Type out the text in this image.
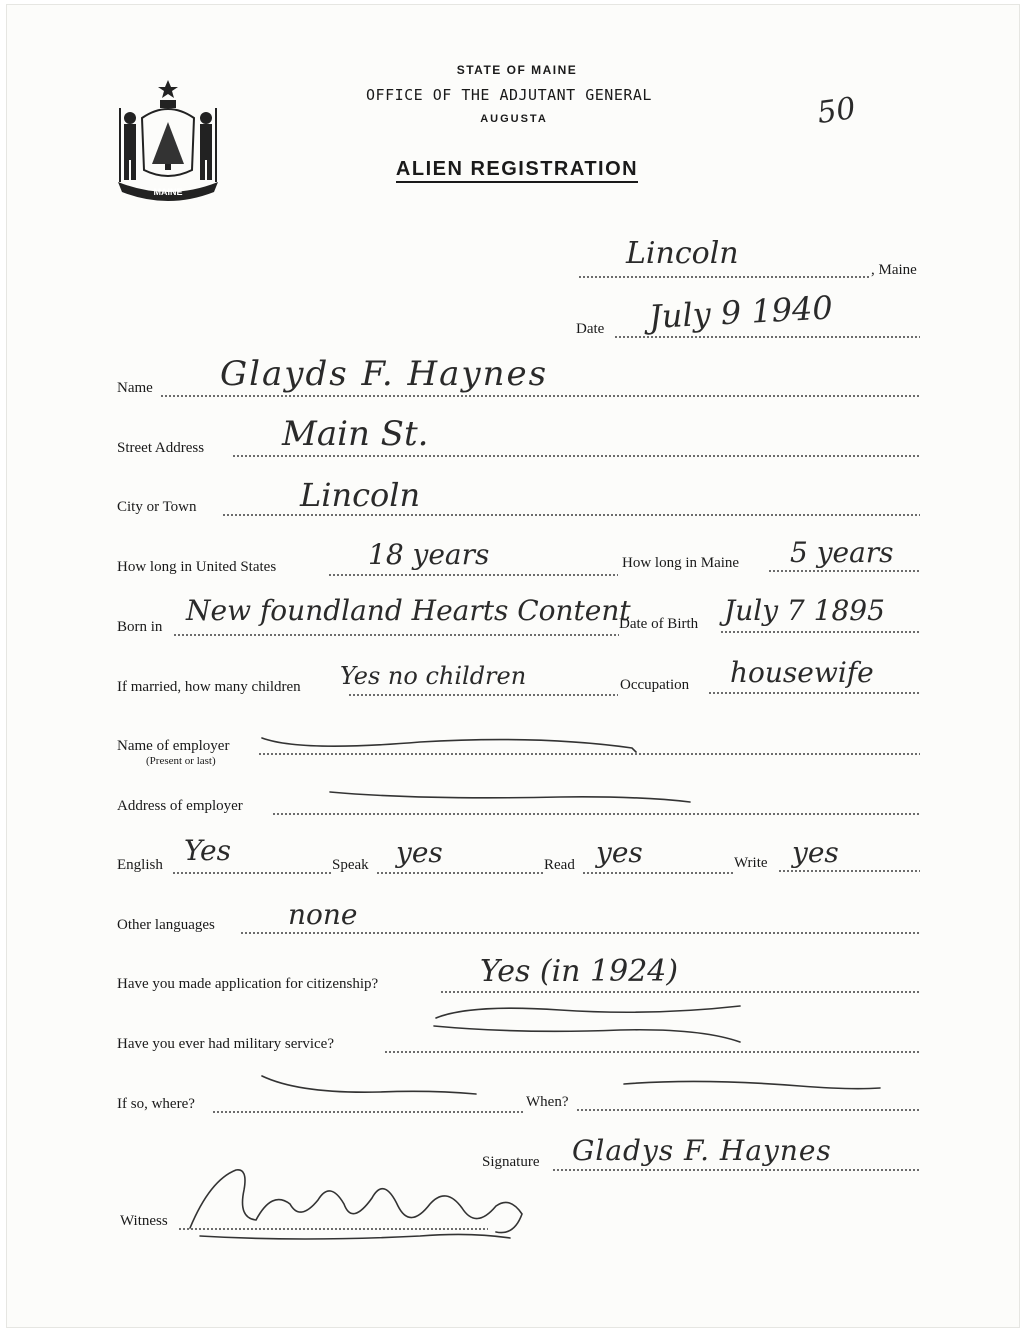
MAINE
STATE OF MAINE
OFFICE OF THE ADJUTANT GENERAL
AUGUSTA
ALIEN REGISTRATION
50
, Maine
Lincoln
Date July 9 1940
Name Glayds F. Haynes
Street Address Main St.
City or Town	Lincoln
How long in United States	18 years	How long in Maine 5 years
Born in New foundland Hearts Content
Date of Birth July 7 1895
If married, how many children Yes no children	Occupation housewife
Name of employer
(Present or last)
Address of employer
English Yes	Speak yes	Read yes	Write yes
Other languages	none
Have you made application for citizenship?	Yes (in 1924)
Have you ever had military service?
If so, where?	When?
Signature Gladys F. Haynes
Witness
